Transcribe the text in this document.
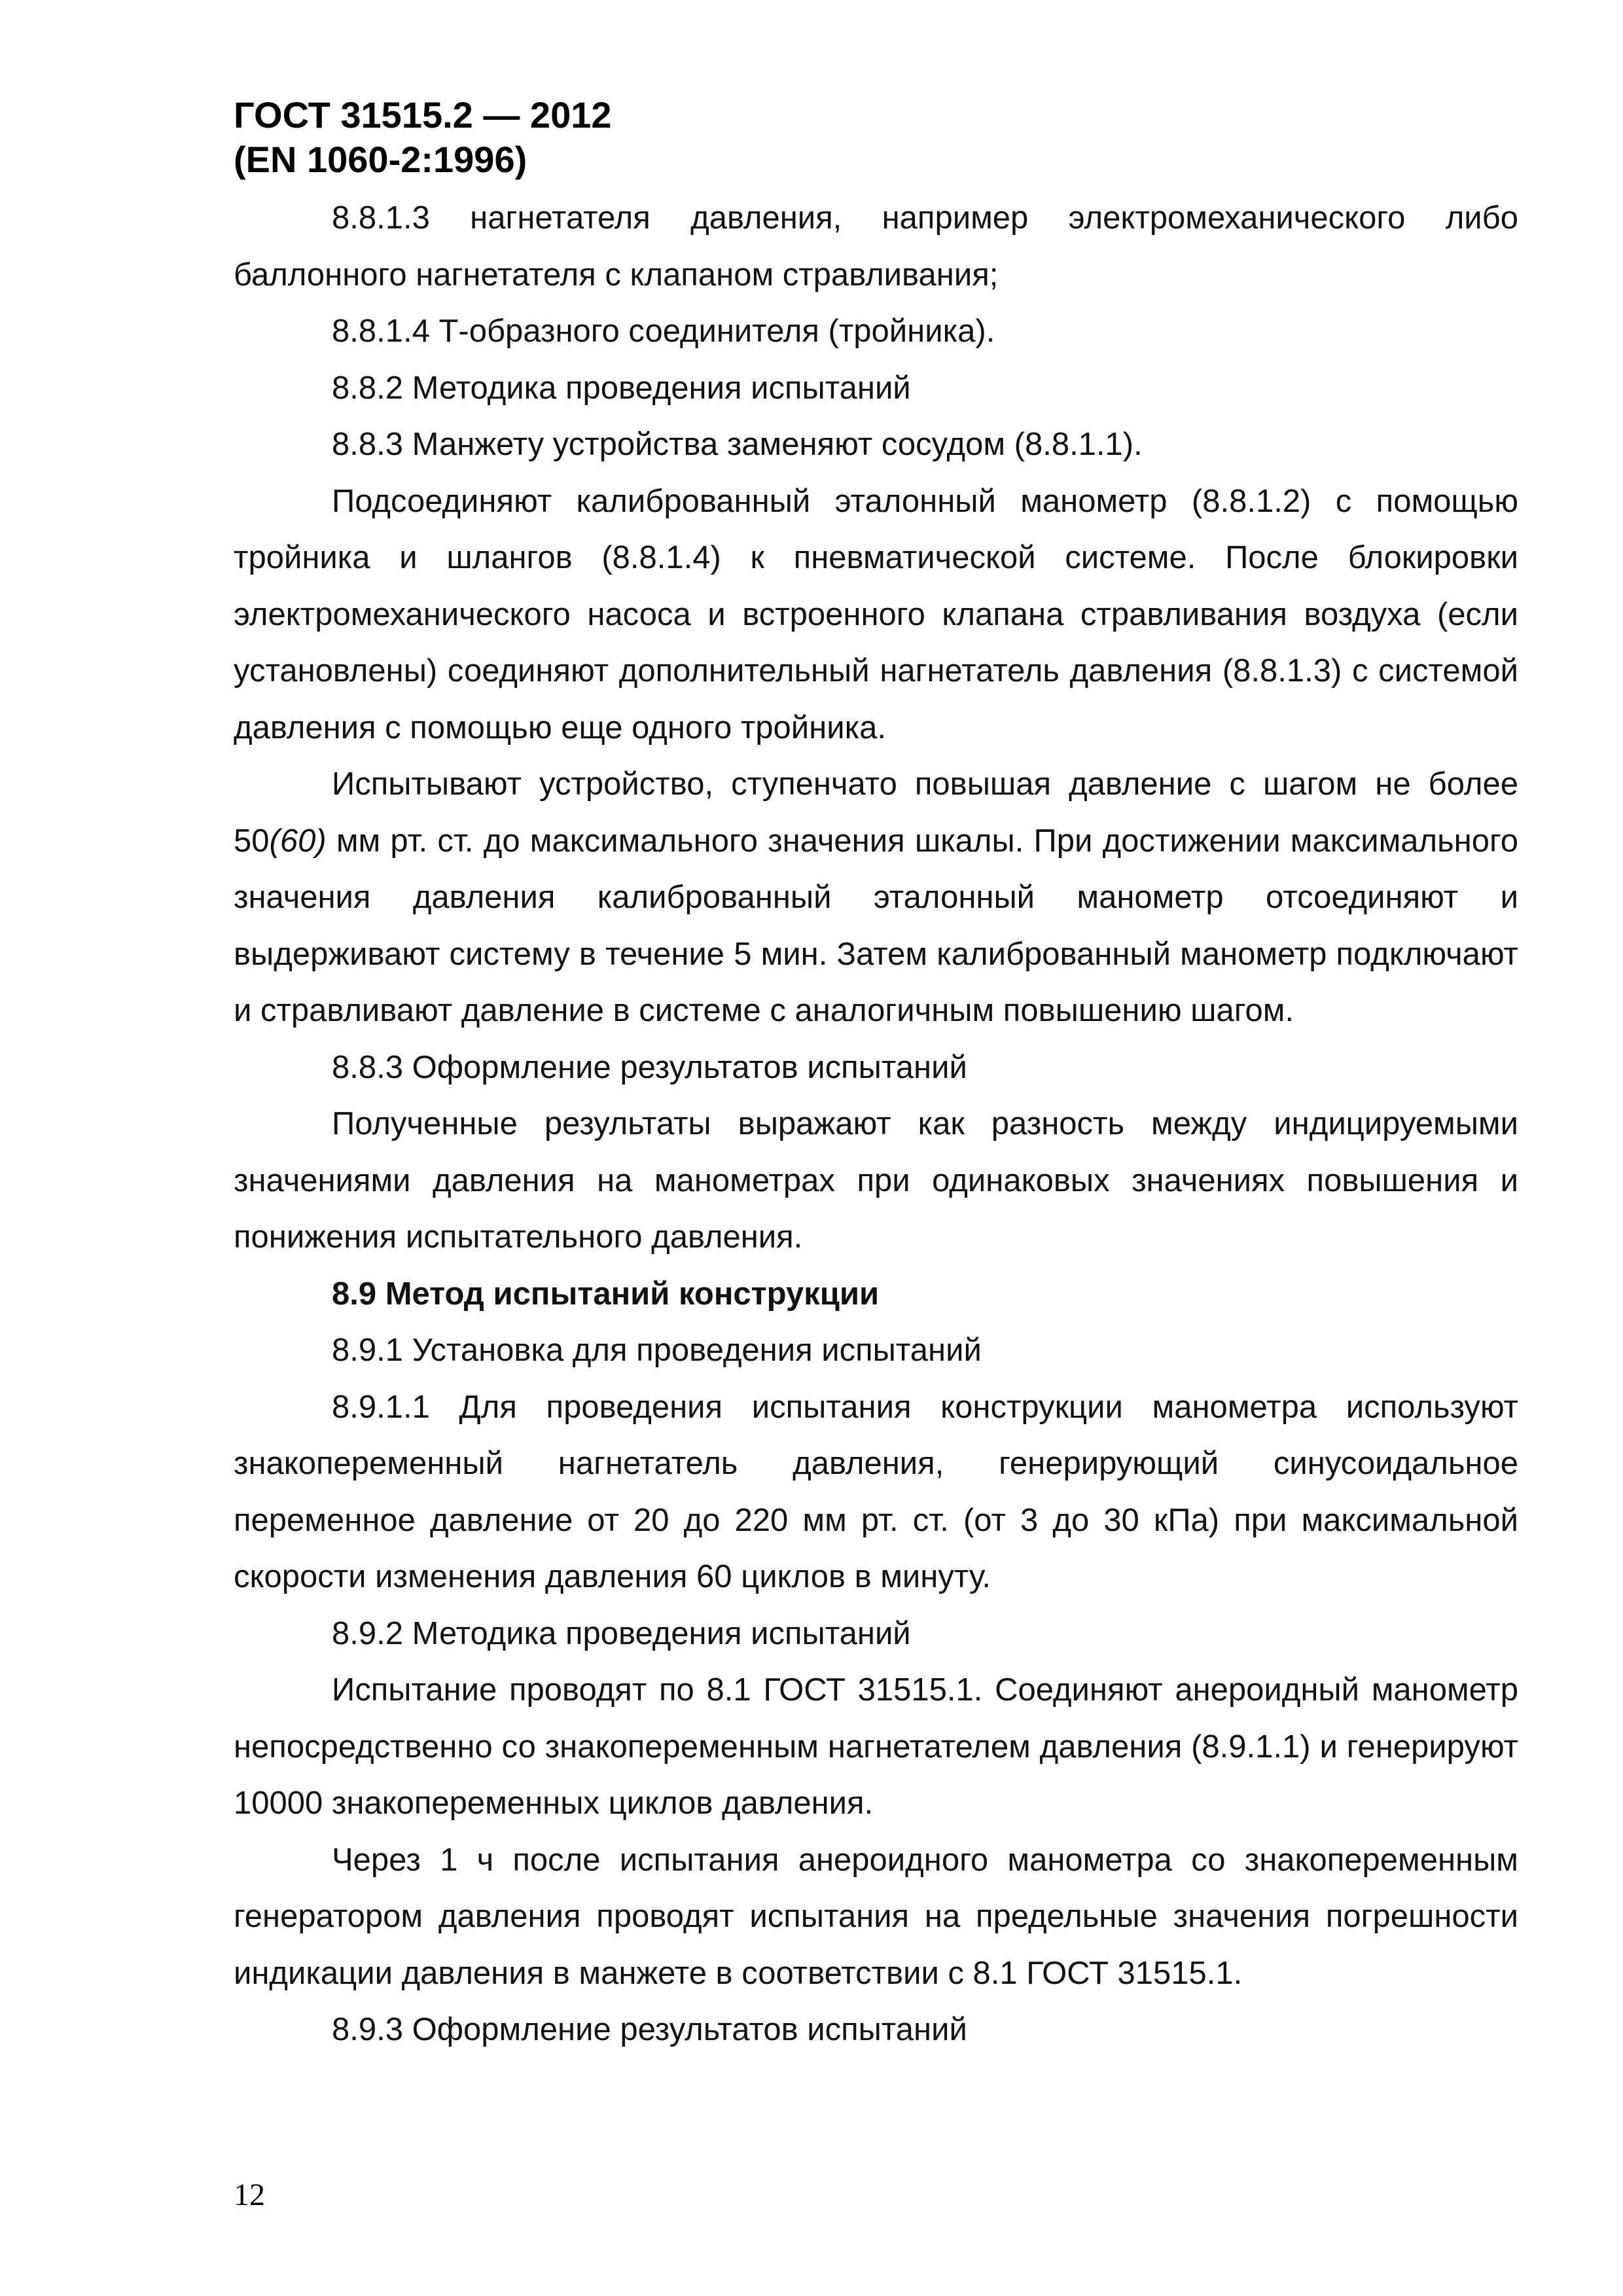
ГОСТ 31515.2 — 2012
(EN 1060-2:1996)

8.8.1.3 нагнетателя давления, например электромеханического либо баллонного нагнетателя с клапаном стравливания;

8.8.1.4 Т-образного соединителя (тройника).

8.8.2 Методика проведения испытаний

8.8.3 Манжету устройства заменяют сосудом (8.8.1.1).

Подсоединяют калиброванный эталонный манометр (8.8.1.2) с помощью тройника и шлангов (8.8.1.4) к пневматической системе. После блокировки электромеханического насоса и встроенного клапана стравливания воздуха (если установлены) соединяют дополнительный нагнетатель давления (8.8.1.3) с системой давления с помощью еще одного тройника.

Испытывают устройство, ступенчато повышая давление с шагом не более 50(60) мм рт. ст. до максимального значения шкалы. При достижении максимального значения давления калиброванный эталонный манометр отсоединяют и выдерживают систему в течение 5 мин. Затем калиброванный манометр подключают и стравливают давление в системе с аналогичным повышению шагом.

8.8.3 Оформление результатов испытаний

Полученные результаты выражают как разность между индицируемыми значениями давления на манометрах при одинаковых значениях повышения и понижения испытательного давления.

8.9 Метод испытаний конструкции

8.9.1 Установка для проведения испытаний

8.9.1.1 Для проведения испытания конструкции манометра используют знакопеременный нагнетатель давления, генерирующий синусоидальное переменное давление от 20 до 220 мм рт. ст. (от 3 до 30 кПа) при максимальной скорости изменения давления 60 циклов в минуту.

8.9.2 Методика проведения испытаний

Испытание проводят по 8.1 ГОСТ 31515.1. Соединяют анероидный манометр непосредственно со знакопеременным нагнетателем давления (8.9.1.1) и генерируют 10000 знакопеременных циклов давления.

Через 1 ч после испытания анероидного манометра со знакопеременным генератором давления проводят испытания на предельные значения погрешности индикации давления в манжете в соответствии с 8.1 ГОСТ 31515.1.

8.9.3 Оформление результатов испытаний

12
